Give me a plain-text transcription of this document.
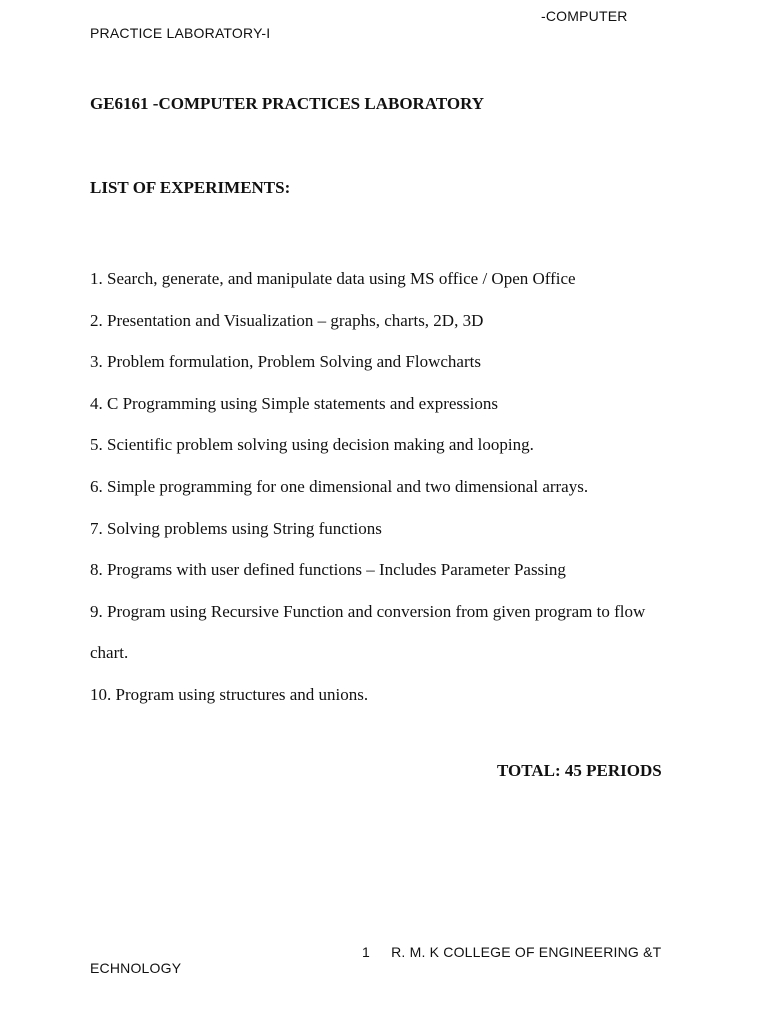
-COMPUTER
PRACTICE LABORATORY-I
GE6161 -COMPUTER PRACTICES LABORATORY
LIST OF EXPERIMENTS:
1. Search, generate, and manipulate data using MS office / Open Office
2. Presentation and Visualization – graphs, charts, 2D, 3D
3. Problem formulation, Problem Solving and Flowcharts
4. C Programming using Simple statements and expressions
5. Scientific problem solving using decision making and looping.
6. Simple programming for one dimensional and two dimensional arrays.
7. Solving problems using String functions
8. Programs with user defined functions – Includes Parameter Passing
9. Program using Recursive Function and conversion from given program to flow chart.
10. Program using structures and unions.
TOTAL: 45 PERIODS
1 R. M. K COLLEGE OF ENGINEERING &T
ECHNOLOGY
